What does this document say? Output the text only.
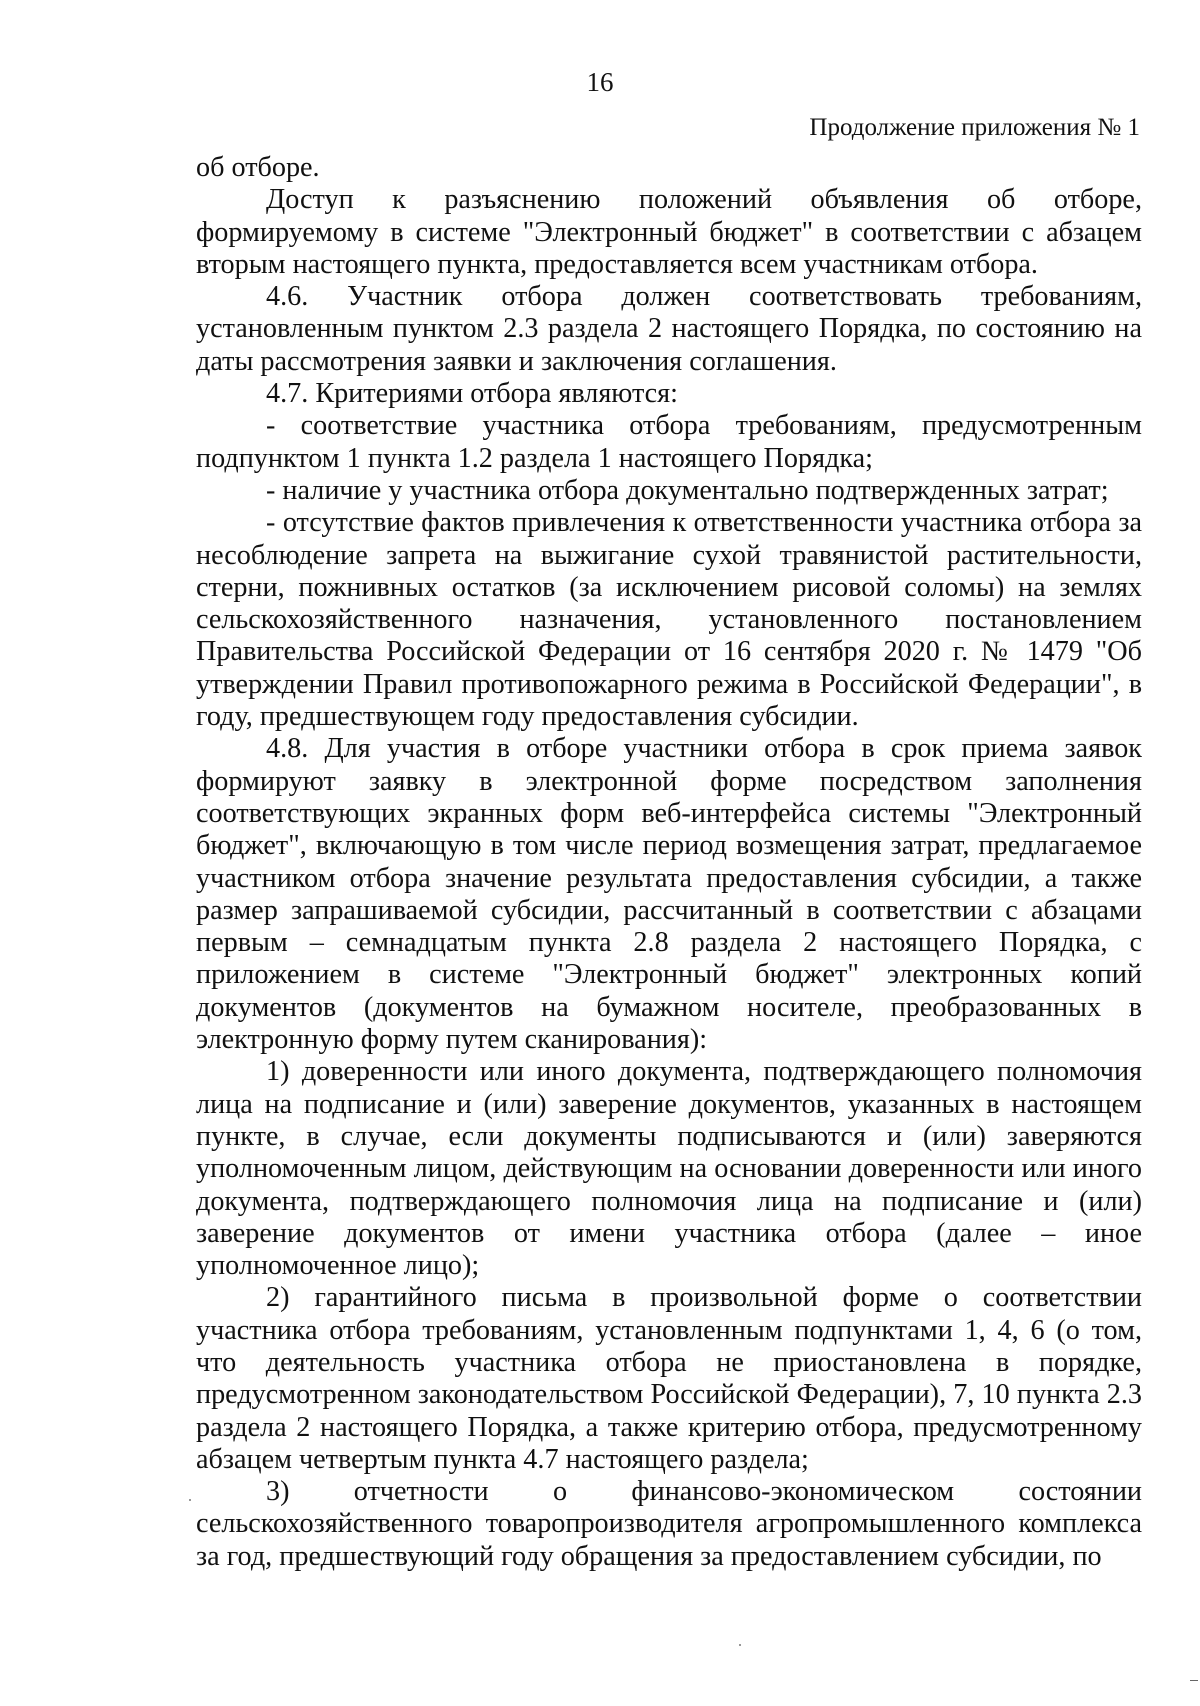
16
Продолжение приложения № 1

об отборе.

Доступ к разъяснению положений объявления об отборе, формируемому в системе "Электронный бюджет" в соответствии с абзацем вторым настоящего пункта, предоставляется всем участникам отбора.

4.6. Участник отбора должен соответствовать требованиям, установленным пунктом 2.3 раздела 2 настоящего Порядка, по состоянию на даты рассмотрения заявки и заключения соглашения.

4.7. Критериями отбора являются:

- соответствие участника отбора требованиям, предусмотренным подпунктом 1 пункта 1.2 раздела 1 настоящего Порядка;

- наличие у участника отбора документально подтвержденных затрат;

- отсутствие фактов привлечения к ответственности участника отбора за несоблюдение запрета на выжигание сухой травянистой растительности, стерни, пожнивных остатков (за исключением рисовой соломы) на землях сельскохозяйственного назначения, установленного постановлением Правительства Российской Федерации от 16 сентября 2020 г. № 1479 "Об утверждении Правил противопожарного режима в Российской Федерации", в году, предшествующем году предоставления субсидии.

4.8. Для участия в отборе участники отбора в срок приема заявок формируют заявку в электронной форме посредством заполнения соответствующих экранных форм веб-интерфейса системы "Электронный бюджет", включающую в том числе период возмещения затрат, предлагаемое участником отбора значение результата предоставления субсидии, а также размер запрашиваемой субсидии, рассчитанный в соответствии с абзацами первым – семнадцатым пункта 2.8 раздела 2 настоящего Порядка, с приложением в системе "Электронный бюджет" электронных копий документов (документов на бумажном носителе, преобразованных в электронную форму путем сканирования):

1) доверенности или иного документа, подтверждающего полномочия лица на подписание и (или) заверение документов, указанных в настоящем пункте, в случае, если документы подписываются и (или) заверяются уполномоченным лицом, действующим на основании доверенности или иного документа, подтверждающего полномочия лица на подписание и (или) заверение документов от имени участника отбора (далее – иное уполномоченное лицо);

2) гарантийного письма в произвольной форме о соответствии участника отбора требованиям, установленным подпунктами 1, 4, 6 (о том, что деятельность участника отбора не приостановлена в порядке, предусмотренном законодательством Российской Федерации), 7, 10 пункта 2.3 раздела 2 настоящего Порядка, а также критерию отбора, предусмотренному абзацем четвертым пункта 4.7 настоящего раздела;

3) отчетности о финансово-экономическом состоянии сельскохозяйственного товаропроизводителя агропромышленного комплекса за год, предшествующий году обращения за предоставлением субсидии, по
